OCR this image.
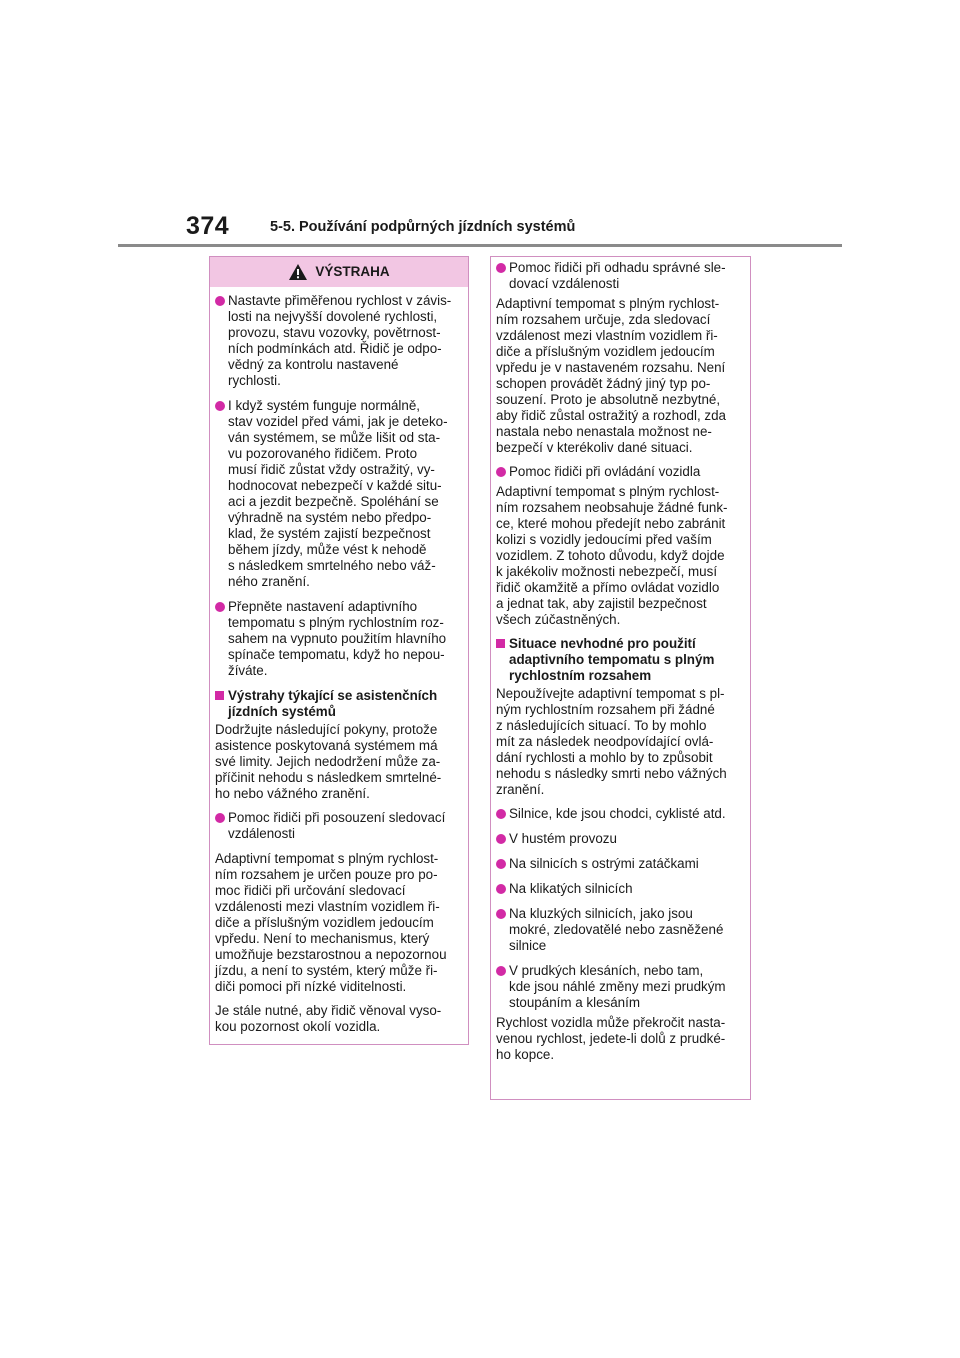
374	5-5. Používání podpůrných jízdních systémů
VÝSTRAHA
Nastavte přiměřenou rychlost v závis-
losti na nejvyšší dovolené rychlosti,
provozu, stavu vozovky, povětrnost-
ních podmínkách atd. Řidič je odpo-
vědný za kontrolu nastavené
rychlosti.
I když systém funguje normálně,
stav vozidel před vámi, jak je deteko-
ván systémem, se může lišit od sta-
vu pozorovaného řidičem. Proto
musí řidič zůstat vždy ostražitý, vy-
hodnocovat nebezpečí v každé situ-
aci a jezdit bezpečně. Spoléhání se
výhradně na systém nebo předpo-
klad, že systém zajistí bezpečnost
během jízdy, může vést k nehodě
s následkem smrtelného nebo váž-
ného zranění.
Přepněte nastavení adaptivního
tempomatu s plným rychlostním roz-
sahem na vypnuto použitím hlavního
spínače tempomatu, když ho nepou-
žíváte.
Výstrahy týkající se asistenčních
jízdních systémů
Dodržujte následující pokyny, protože
asistence poskytovaná systémem má
své limity. Jejich nedodržení může za-
příčinit nehodu s následkem smrtelné-
ho nebo vážného zranění.
Pomoc řidiči při posouzení sledovací
vzdálenosti
Adaptivní tempomat s plným rychlost-
ním rozsahem je určen pouze pro po-
moc řidiči při určování sledovací
vzdálenosti mezi vlastním vozidlem ři-
diče a příslušným vozidlem jedoucím
vpředu. Není to mechanismus, který
umožňuje bezstarostnou a nepozornou
jízdu, a není to systém, který může ři-
diči pomoci při nízké viditelnosti.
Je stále nutné, aby řidič věnoval vyso-
kou pozornost okolí vozidla.
Pomoc řidiči při odhadu správné sle-
dovací vzdálenosti
Adaptivní tempomat s plným rychlost-
ním rozsahem určuje, zda sledovací
vzdálenost mezi vlastním vozidlem ři-
diče a příslušným vozidlem jedoucím
vpředu je v nastaveném rozsahu. Není
schopen provádět žádný jiný typ po-
souzení. Proto je absolutně nezbytné,
aby řidič zůstal ostražitý a rozhodl, zda
nastala nebo nenastala možnost ne-
bezpečí v kterékoliv dané situaci.
Pomoc řidiči při ovládání vozidla
Adaptivní tempomat s plným rychlost-
ním rozsahem neobsahuje žádné funk-
ce, které mohou předejít nebo zabránit
kolizi s vozidly jedoucími před vaším
vozidlem. Z tohoto důvodu, když dojde
k jakékoliv možnosti nebezpečí, musí
řidič okamžitě a přímo ovládat vozidlo
a jednat tak, aby zajistil bezpečnost
všech zúčastněných.
Situace nevhodné pro použití
adaptivního tempomatu s plným
rychlostním rozsahem
Nepoužívejte adaptivní tempomat s pl-
ným rychlostním rozsahem při žádné
z následujících situací. To by mohlo
mít za následek neodpovídající ovlá-
dání rychlosti a mohlo by to způsobit
nehodu s následky smrti nebo vážných
zranění.
Silnice, kde jsou chodci, cyklisté atd.
V hustém provozu
Na silnicích s ostrými zatáčkami
Na klikatých silnicích
Na kluzkých silnicích, jako jsou
mokré, zledovatělé nebo zasněžené
silnice
V prudkých klesáních, nebo tam,
kde jsou náhlé změny mezi prudkým
stoupáním a klesáním
Rychlost vozidla může překročit nasta-
venou rychlost, jedete-li dolů z prudké-
ho kopce.
